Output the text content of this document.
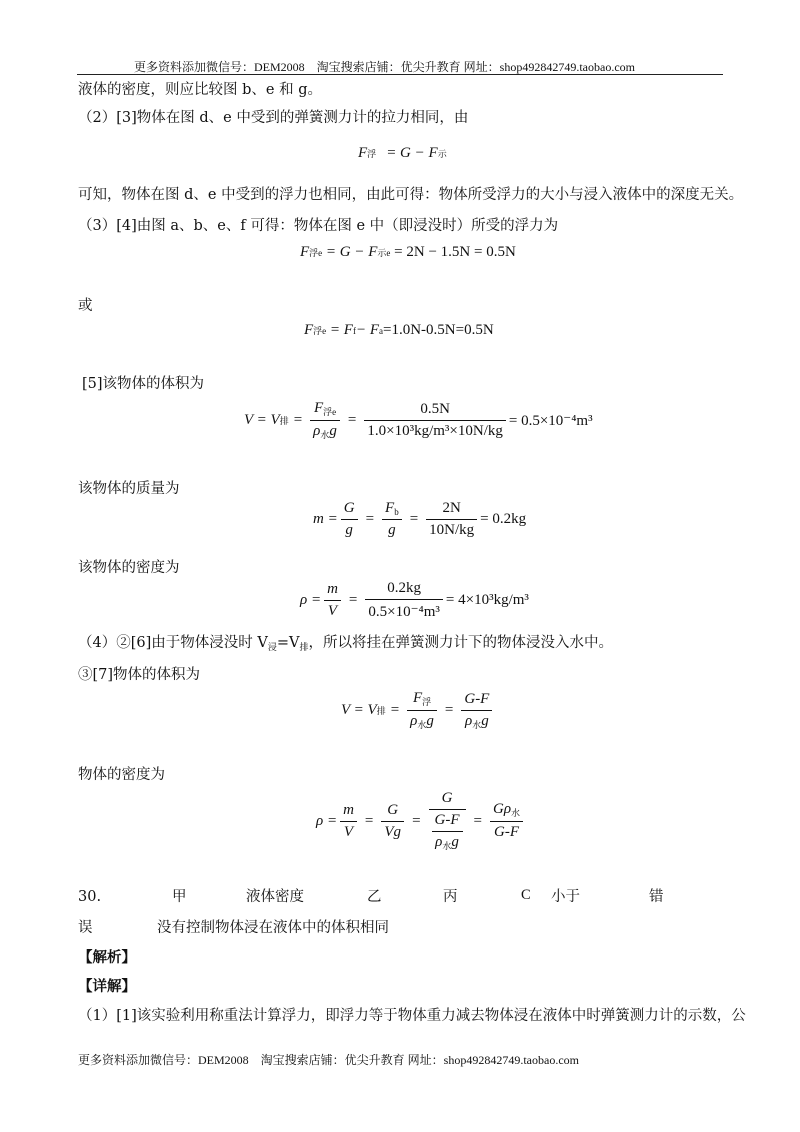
更多资料添加微信号：DEM2008　淘宝搜索店铺：优尖升教育 网址：shop492842749.taobao.com
液体的密度，则应比较图 b、e 和 g。
（2）[3]物体在图 d、e 中受到的弹簧测力计的拉力相同，由
F 浮 = G − F 示
可知，物体在图 d、e 中受到的浮力也相同，由此可得：物体所受浮力的大小与浸入液体中的深度无关。
（3）[4]由图 a、b、e、f 可得：物体在图 e 中（即浸没时）所受的浮力为
F 浮e
= G − F 示e
= 2N − 1.5N = 0.5N
或
F 浮e
= F f − F a =1.0N-0.5N=0.5N
[5]该物体的体积为
V = V 排 = $\frac{F_{浮e}}{\rho_水g} = \frac{0.5N}{\text{1.0×10³kg/m³×10N/kg}} = 0.5\times 10^{-4}m^3$
该物体的质量为
$m = \frac{G}{g} = \frac{F_b}{g} = \frac{2N}{10N/kg} = 0.2kg$
该物体的密度为
$\rho = \frac{m}{V} = \frac{0.2kg}{\text{0.5×10⁻⁴m³}} = 4\times 10^3kg/m^3$
（4）②[6]由于物体浸没时 $V_浸=V_排$，所以将挂在弹簧测力计下的物体浸没入水中。
③[7]物体的体积为
V = V 排 = $\frac{F_浮}{\rho_水g} = \frac{G-F}{\rho_水g}$
物体的密度为
$\rho = \frac{m}{V} = \frac{G}{Vg} = \frac{G}{\frac{G-F}{\rho_水g}} = \frac{G\rho_水}{G-F}$
30.	甲	液体密度	乙	丙	C 小于	错
误	没有控制物体浸在液体中的体积相同
【解析】
【详解】
（1）[1]该实验利用称重法计算浮力，即浮力等于物体重力减去物体浸在液体中时弹簧测力计的示数，公
更多资料添加微信号：DEM2008　淘宝搜索店铺：优尖升教育 网址：shop492842749.taobao.com
